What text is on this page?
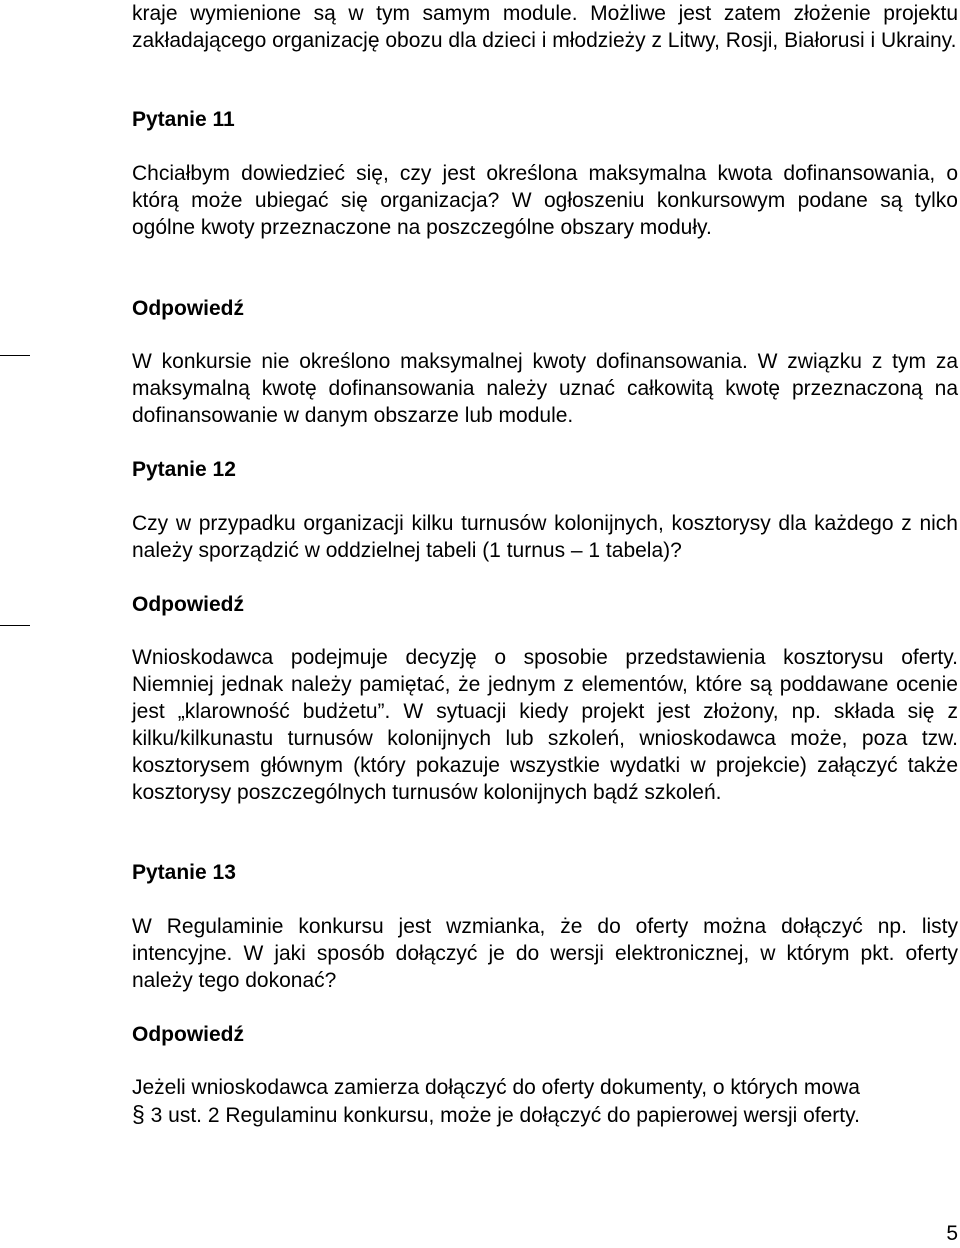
kraje wymienione są w tym samym module. Możliwe jest zatem złożenie projektu zakładającego organizację obozu dla dzieci i młodzieży z Litwy, Rosji, Białorusi i Ukrainy.

Pytanie 11

Chciałbym dowiedzieć się, czy jest określona maksymalna kwota dofinansowania, o którą może ubiegać się organizacja? W ogłoszeniu konkursowym podane są tylko ogólne kwoty przeznaczone na poszczególne obszary moduły.

Odpowiedź

W konkursie nie określono maksymalnej kwoty dofinansowania. W związku z tym za maksymalną kwotę dofinansowania należy uznać całkowitą kwotę przeznaczoną na dofinansowanie w danym obszarze lub module.

Pytanie 12

Czy w przypadku organizacji kilku turnusów kolonijnych, kosztorysy dla każdego z nich należy sporządzić w oddzielnej tabeli (1 turnus – 1 tabela)?

Odpowiedź

Wnioskodawca podejmuje decyzję o sposobie przedstawienia kosztorysu oferty. Niemniej jednak należy pamiętać, że jednym z elementów, które są poddawane ocenie jest „klarowność budżetu”. W sytuacji kiedy projekt jest złożony, np. składa się z kilku/kilkunastu turnusów kolonijnych lub szkoleń, wnioskodawca może, poza tzw. kosztorysem głównym (który pokazuje wszystkie wydatki w projekcie) załączyć także kosztorysy poszczególnych turnusów kolonijnych bądź szkoleń.

Pytanie 13

W Regulaminie konkursu jest wzmianka, że do oferty można dołączyć np. listy intencyjne. W jaki sposób dołączyć je do wersji elektronicznej, w którym pkt. oferty należy tego dokonać?

Odpowiedź

Jeżeli wnioskodawca zamierza dołączyć do oferty dokumenty, o których mowa
§ 3 ust. 2 Regulaminu konkursu, może je dołączyć do papierowej wersji oferty.

5
